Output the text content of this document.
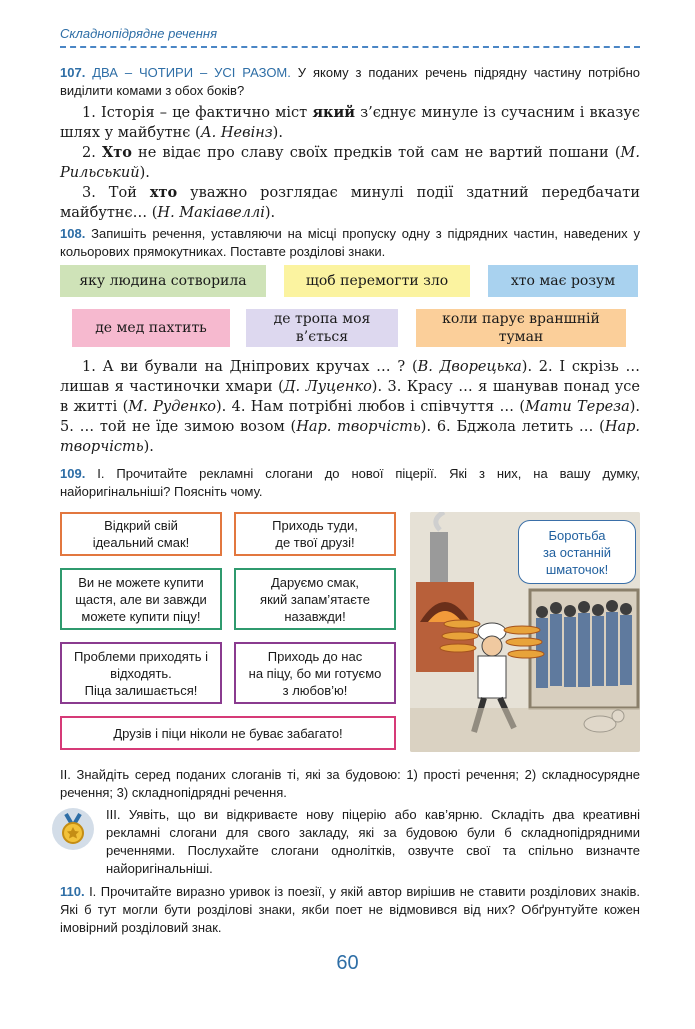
Складнопідрядне речення
107. ДВА – ЧОТИРИ – УСІ РАЗОМ. У якому з поданих речень підрядну частину потрібно виділити комами з обох боків?

1. Історія – це фактично міст який з’єднує минуле із сучасним і вказує шлях у майбутнє (А. Невінз).

2. Хто не відає про славу своїх предків той сам не вартий пошани (М. Рильський).

3. Той хто уважно розглядає минулі події здатний передбачати майбутнє… (Н. Макіавеллі).

108. Запишіть речення, уставляючи на місці пропуску одну з підрядних частин, наведених у кольорових прямокутниках. Поставте розділові знаки.
яку людина сотворила	щоб перемогти зло	хто має розум
де мед пахтить
де тропа моя
в’ється
коли парує враншній
туман

1. А ви бували на Дніпрових кручах … ? (В. Дворецька). 2. І скрізь … лишав я частиночки хмари (Д. Луценко). 3. Красу … я шанував понад усе в житті (М. Руденко). 4. Нам потрібні любов і співчуття … (Мати Тереза). 5. … той не їде зимою возом (Нар. творчість). 6. Бджола летить … (Нар. творчість).

109. І. Прочитайте рекламні слогани до нової піцерії. Які з них, на вашу думку, найоригінальніші? Поясніть чому.
Відкрий свій
ідеальний смак!
Приходь туди,
де твої друзі!
Ви не можете купити
щастя, але ви завжди
можете купити піцу!
Даруємо смак,
який запам’ятаєте
назавжди!
Проблеми приходять і
відходять.
Піца залишається!
Приходь до нас
на піцу, бо ми готуємо
з любов’ю!
Друзів і піци ніколи не буває забагато!
Боротьба
за останній
шматочок!
ІІ. Знайдіть серед поданих слоганів ті, які за будовою: 1) прості речення; 2) складносурядне речення; 3) складнопідрядні речення.
ІІІ. Уявіть, що ви відкриваєте нову піцерію або кав’ярню. Складіть два креативні рекламні слогани для свого закладу, які за будовою були б складнопідрядними реченнями. Послухайте слогани однолітків, озвучте свої та спільно визначте найоригінальніші.
110. І. Прочитайте виразно уривок із поезії, у якій автор вирішив не ставити розділових знаків. Які б тут могли бути розділові знаки, якби поет не відмовився від них? Обґрунтуйте кожен імовірний розділовий знак.
60
